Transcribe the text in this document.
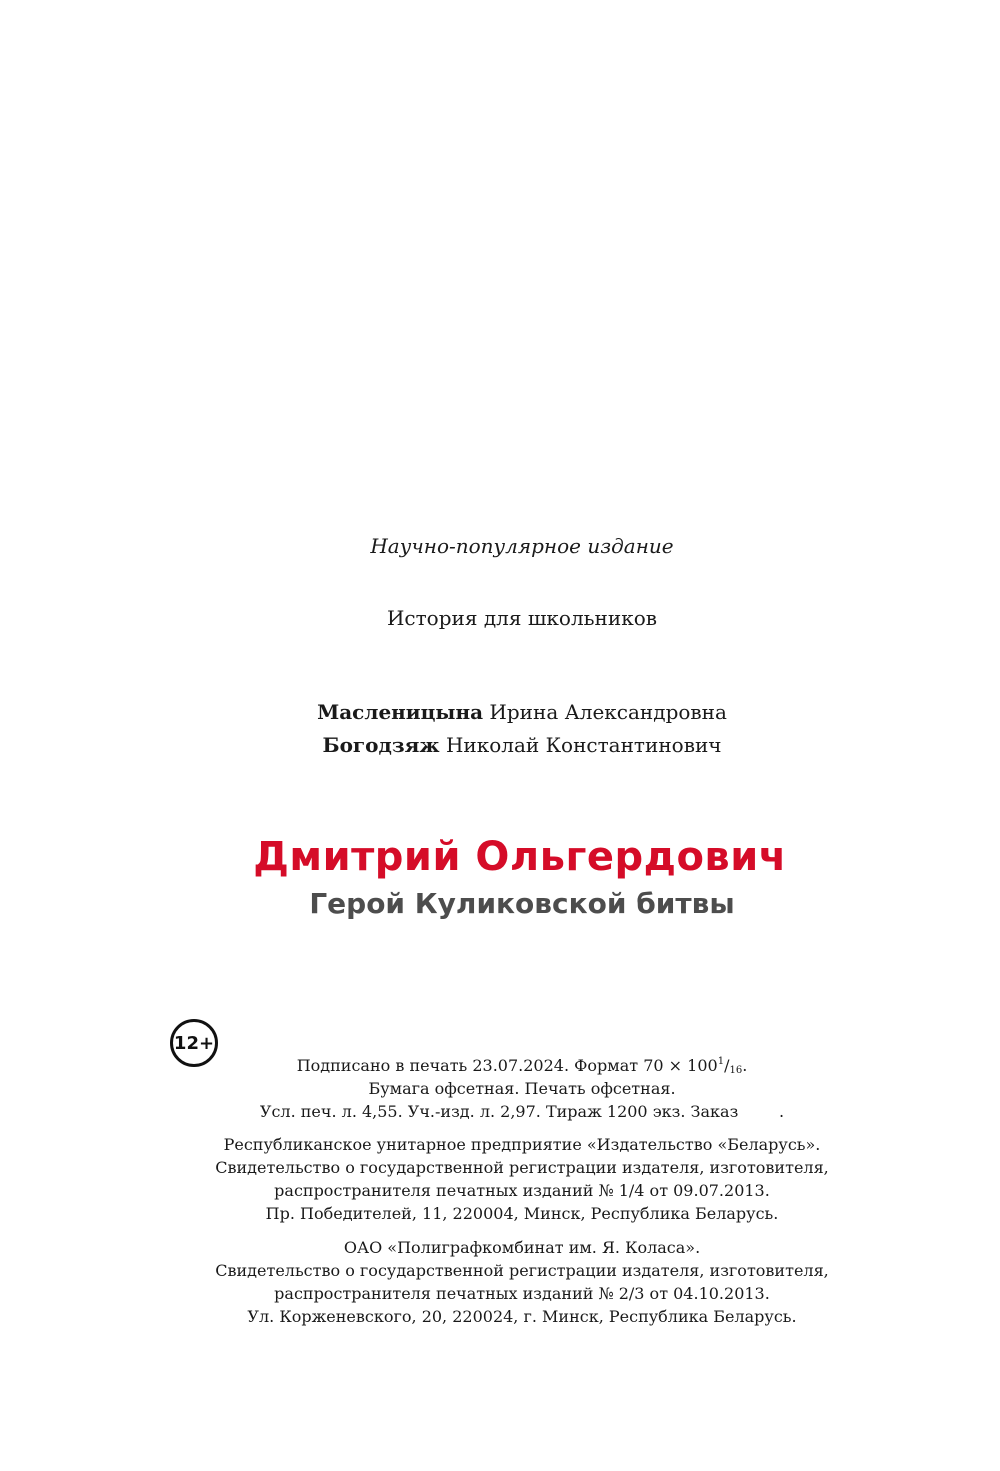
Научно-популярное издание
История для школьников
Масленицына Ирина Александровна
Богодзяж Николай Константинович
Дмитрий Ольгердович
Герой Куликовской битвы
12+
Подписано в печать 23.07.2024. Формат $70 \times 100^1/_{16}$.
Бумага офсетная. Печать офсетная.
Усл. печ. л. 4,55. Уч.-изд. л. 2,97. Тираж 1200 экз. Заказ        .
Республиканское унитарное предприятие «Издательство «Беларусь».
Свидетельство о государственной регистрации издателя, изготовителя,
распространителя печатных изданий № 1/4 от 09.07.2013.
Пр. Победителей, 11, 220004, Минск, Республика Беларусь.
ОАО «Полиграфкомбинат им. Я. Коласа».
Свидетельство о государственной регистрации издателя, изготовителя,
распространителя печатных изданий № 2/3 от 04.10.2013.
Ул. Корженевского, 20, 220024, г. Минск, Республика Беларусь.
